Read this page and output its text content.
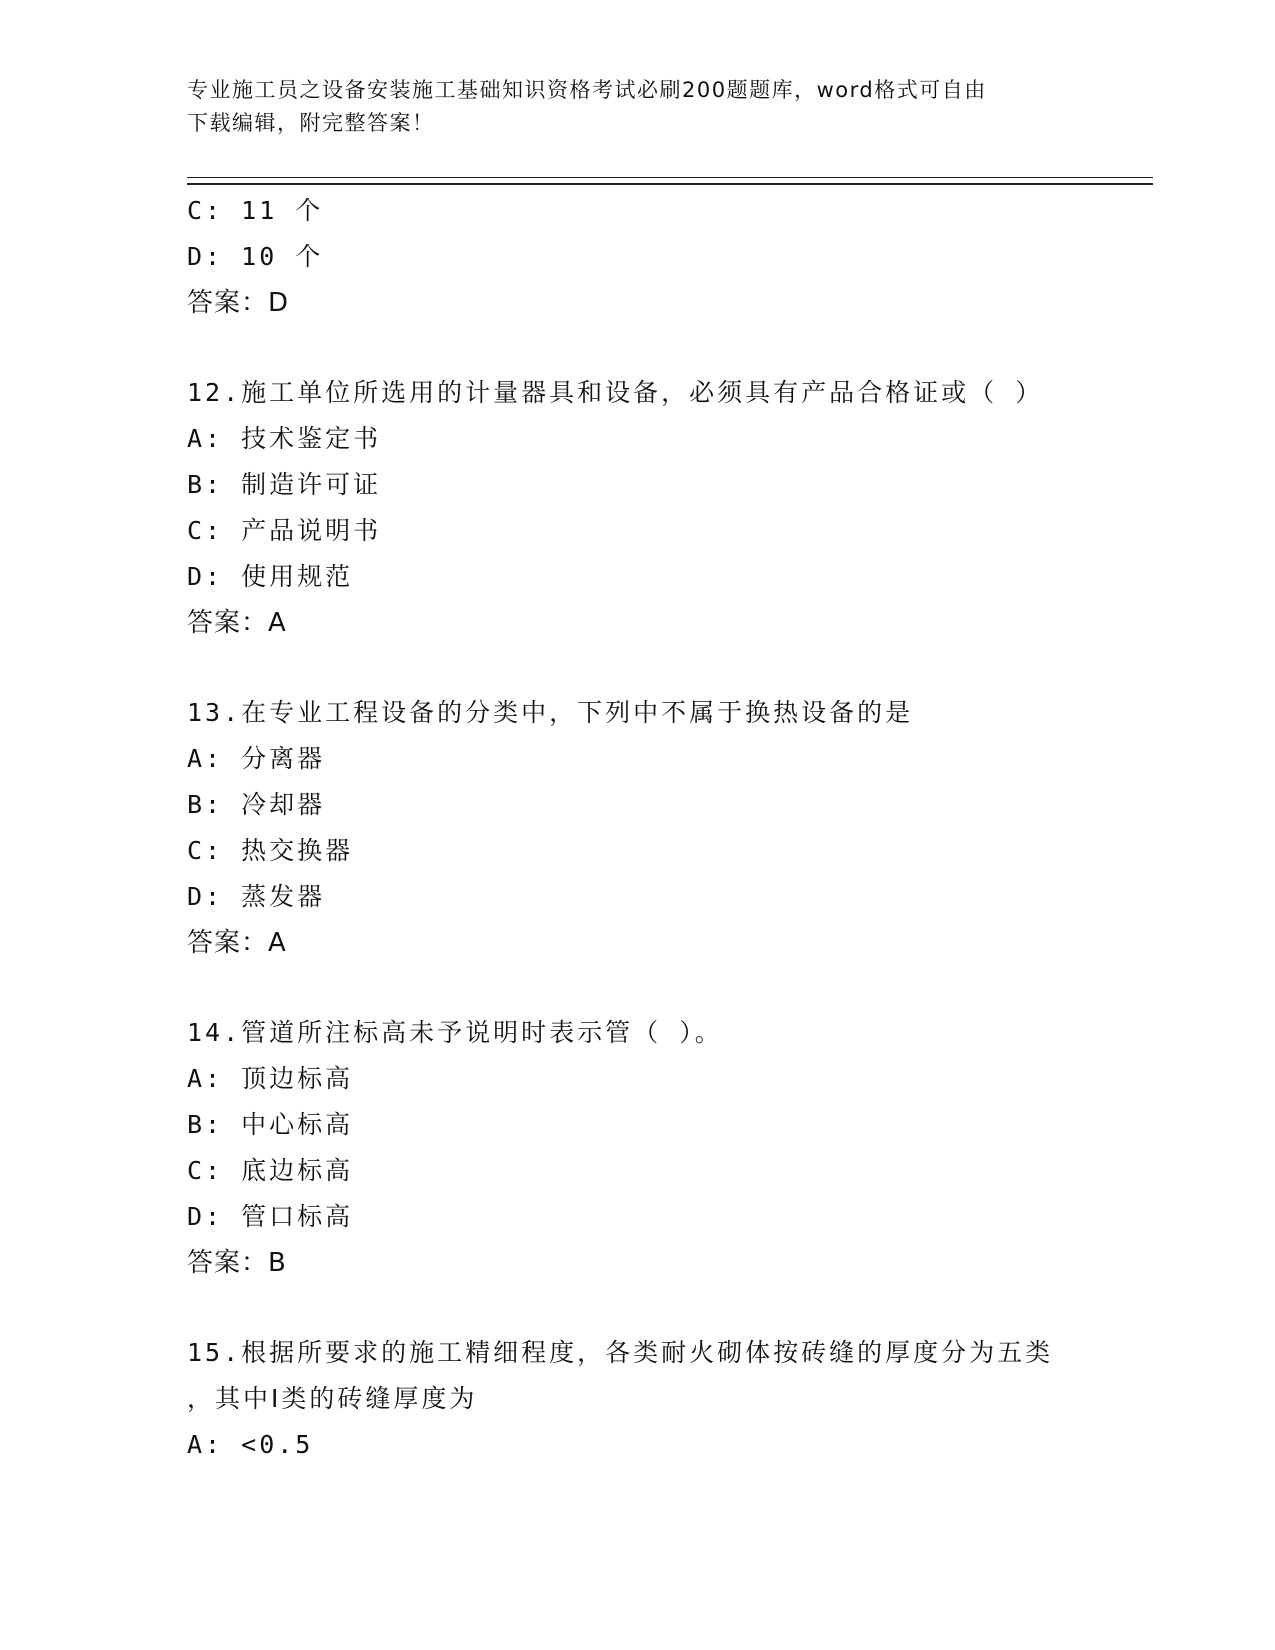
专业施工员之设备安装施工基础知识资格考试必刷200题题库，word格式可自由
下载编辑，附完整答案！
C: 11 个
D: 10 个
答案：D
12.施工单位所选用的计量器具和设备，必须具有产品合格证或（ ）
A: 技术鉴定书
B: 制造许可证
C: 产品说明书
D: 使用规范
答案：A
13.在专业工程设备的分类中，下列中不属于换热设备的是
A: 分离器
B: 冷却器
C: 热交换器
D: 蒸发器
答案：A
14.管道所注标高未予说明时表示管（ ）。
A: 顶边标高
B: 中心标高
C: 底边标高
D: 管口标高
答案：B
15.根据所要求的施工精细程度，各类耐火砌体按砖缝的厚度分为五类
，其中Ⅰ类的砖缝厚度为
A: <0.5
